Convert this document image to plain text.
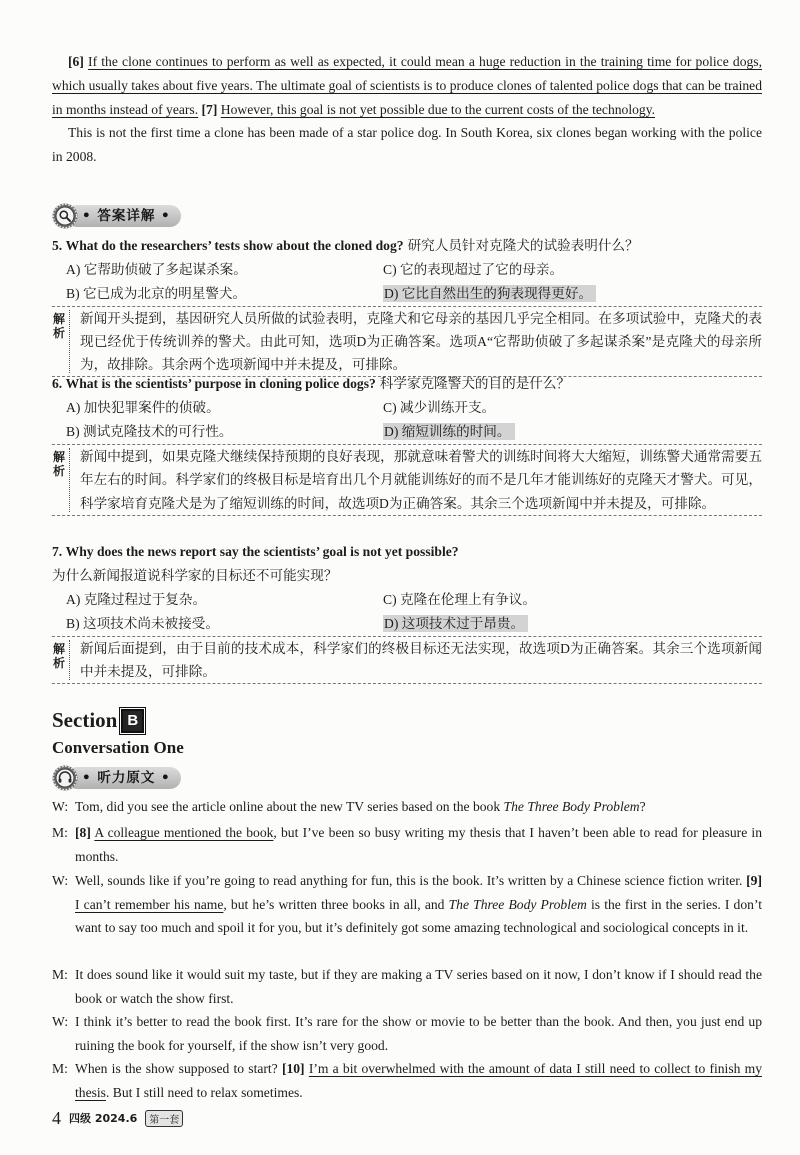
[6] If the clone continues to perform as well as expected, it could mean a huge reduction in the training time for police dogs, which usually takes about five years. The ultimate goal of scientists is to produce clones of talented police dogs that can be trained in months instead of years. [7] However, this goal is not yet possible due to the current costs of the technology.

This is not the first time a clone has been made of a star police dog. In South Korea, six clones began working with the police in 2008.

• 答案详解 •
5. What do the researchers’ tests show about the cloned dog? 研究人员针对克隆犬的试验表明什么？
A) 它帮助侦破了多起谋杀案。	C) 它的表现超过了它的母亲。
B) 它已成为北京的明星警犬。	D) 它比自然出生的狗表现得更好。
解析
新闻开头提到，基因研究人员所做的试验表明，克隆犬和它母亲的基因几乎完全相同。在多项试验中，克隆犬的表现已经优于传统训养的警犬。由此可知，选项D为正确答案。选项A“它帮助侦破了多起谋杀案”是克隆犬的母亲所为，故排除。其余两个选项新闻中并未提及，可排除。
6. What is the scientists’ purpose in cloning police dogs? 科学家克隆警犬的目的是什么？
A) 加快犯罪案件的侦破。	C) 减少训练开支。
B) 测试克隆技术的可行性。	D) 缩短训练的时间。
解析
新闻中提到，如果克隆犬继续保持预期的良好表现，那就意味着警犬的训练时间将大大缩短，训练警犬通常需要五年左右的时间。科学家们的终极目标是培育出几个月就能训练好的而不是几年才能训练好的克隆天才警犬。可见，科学家培育克隆犬是为了缩短训练的时间，故选项D为正确答案。其余三个选项新闻中并未提及，可排除。
7. Why does the news report say the scientists’ goal is not yet possible?
为什么新闻报道说科学家的目标还不可能实现？
A) 克隆过程过于复杂。	C) 克隆在伦理上有争议。
B) 这项技术尚未被接受。	D) 这项技术过于昂贵。
解析
新闻后面提到，由于目前的技术成本，科学家们的终极目标还无法实现，故选项D为正确答案。其余三个选项新闻中并未提及，可排除。
Section B
Conversation One
• 听力原文 •
W: Tom, did you see the article online about the new TV series based on the book The Three Body Problem?
M: [8] A colleague mentioned the book, but I’ve been so busy writing my thesis that I haven’t been able to read for pleasure in months.
W: Well, sounds like if you’re going to read anything for fun, this is the book. It’s written by a Chinese science fiction writer. [9] I can’t remember his name, but he’s written three books in all, and The Three Body Problem is the first in the series. I don’t want to say too much and spoil it for you, but it’s definitely got some amazing technological and sociological concepts in it.
M: It does sound like it would suit my taste, but if they are making a TV series based on it now, I don’t know if I should read the book or watch the show first.
W: I think it’s better to read the book first. It’s rare for the show or movie to be better than the book. And then, you just end up ruining the book for yourself, if the show isn’t very good.
M: When is the show supposed to start? [10] I’m a bit overwhelmed with the amount of data I still need to collect to finish my thesis. But I still need to relax sometimes.
4 四级 2024.6	第一套
